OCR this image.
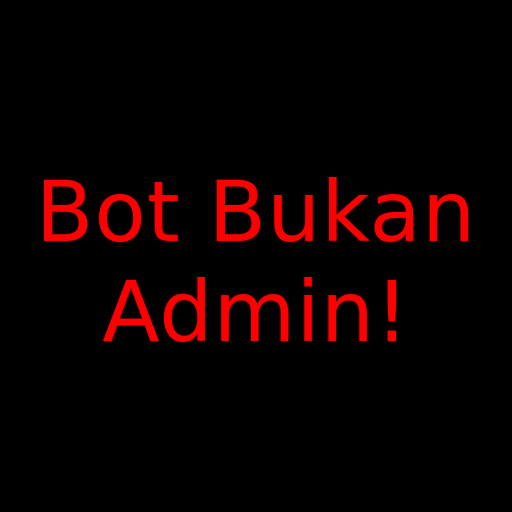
Bot Bukan
Admin!
